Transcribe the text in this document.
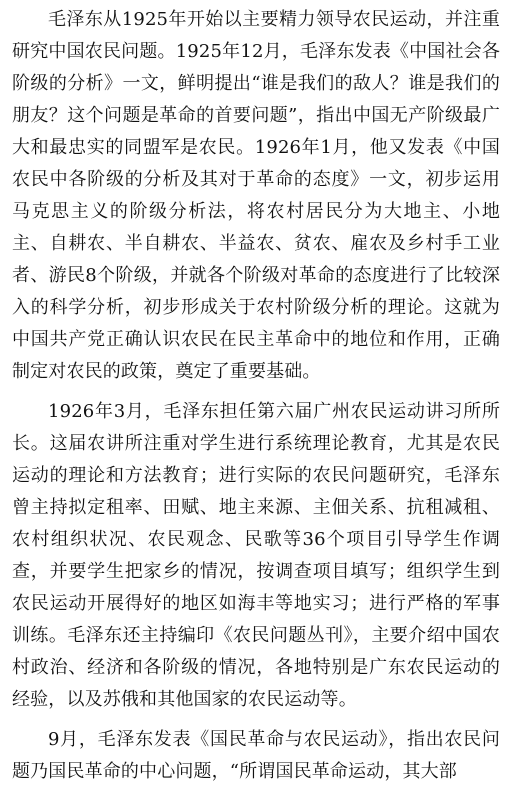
毛泽东从1925年开始以主要精力领导农民运动，并注重研究中国农民问题。1925年12月，毛泽东发表《中国社会各阶级的分析》一文，鲜明提出“谁是我们的敌人？谁是我们的朋友？这个问题是革命的首要问题”，指出中国无产阶级最广大和最忠实的同盟军是农民。1926年1月，他又发表《中国农民中各阶级的分析及其对于革命的态度》一文，初步运用马克思主义的阶级分析法，将农村居民分为大地主、小地主、自耕农、半自耕农、半益农、贫农、雇农及乡村手工业者、游民8个阶级，并就各个阶级对革命的态度进行了比较深入的科学分析，初步形成关于农村阶级分析的理论。这就为中国共产党正确认识农民在民主革命中的地位和作用，正确制定对农民的政策，奠定了重要基础。

1926年3月，毛泽东担任第六届广州农民运动讲习所所长。这届农讲所注重对学生进行系统理论教育，尤其是农民运动的理论和方法教育；进行实际的农民问题研究，毛泽东曾主持拟定租率、田赋、地主来源、主佃关系、抗租减租、农村组织状况、农民观念、民歌等36个项目引导学生作调查，并要学生把家乡的情况，按调查项目填写；组织学生到农民运动开展得好的地区如海丰等地实习；进行严格的军事训练。毛泽东还主持编印《农民问题丛刊》，主要介绍中国农村政治、经济和各阶级的情况，各地特别是广东农民运动的经验，以及苏俄和其他国家的农民运动等。

9月，毛泽东发表《国民革命与农民运动》，指出农民问题乃国民革命的中心问题，“所谓国民革命运动，其大部
